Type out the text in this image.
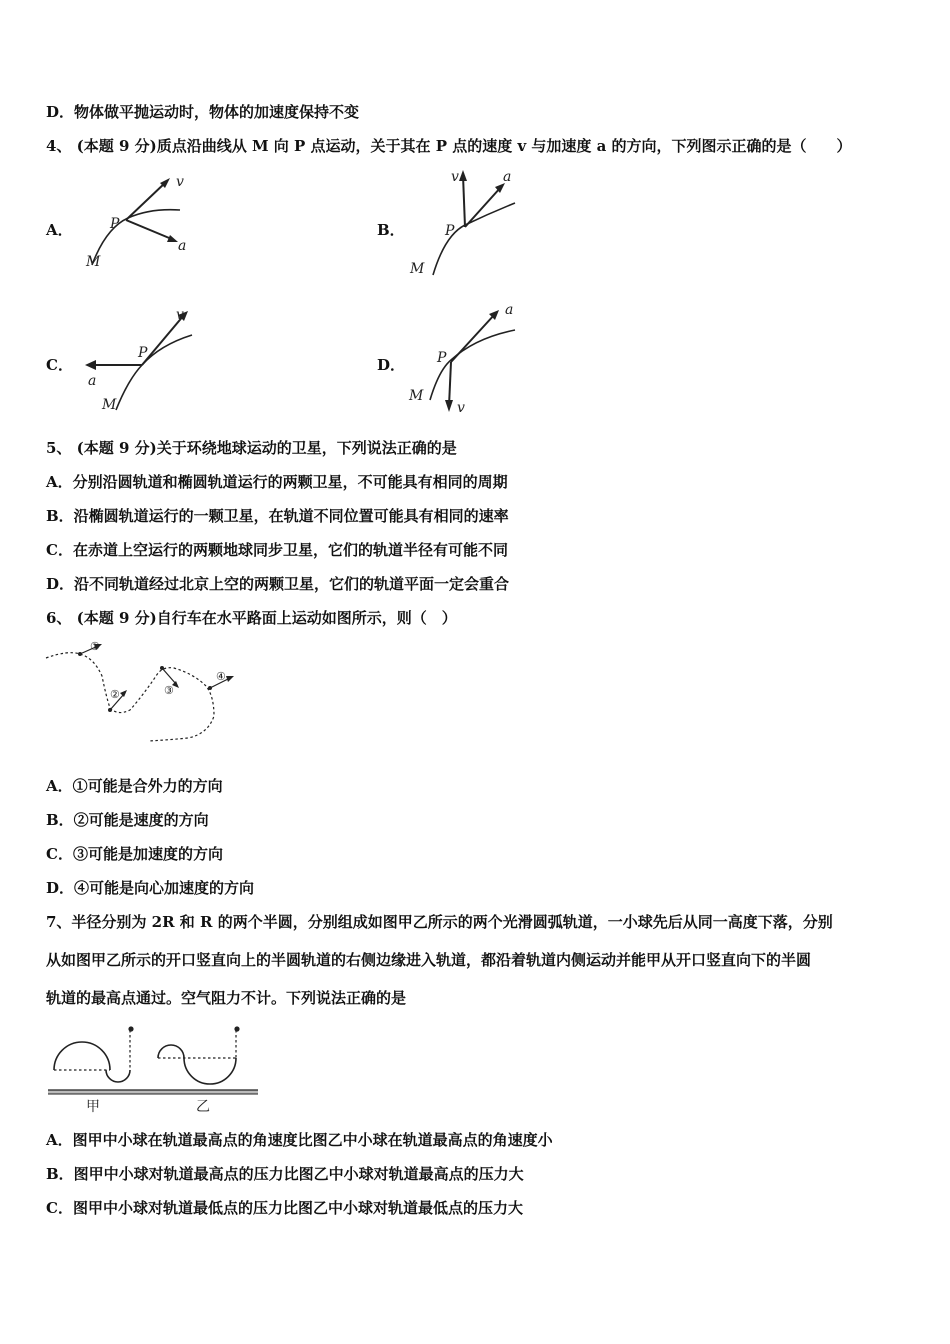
D．物体做平抛运动时，物体的加速度保持不变
4、 (本题 9 分)质点沿曲线从 M 向 P 点运动，关于其在 P 点的速度 v 与加速度 a 的方向，下列图示正确的是（　　）
A．	P
M
v
a
B．	P
M
v	a
C．
P
M
v
a
D． P
M
v
a
5、 (本题 9 分)关于环绕地球运动的卫星，下列说法正确的是
A．分别沿圆轨道和椭圆轨道运行的两颗卫星，不可能具有相同的周期
B．沿椭圆轨道运行的一颗卫星，在轨道不同位置可能具有相同的速率
C．在赤道上空运行的两颗地球同步卫星，它们的轨道半径有可能不同
D．沿不同轨道经过北京上空的两颗卫星，它们的轨道平面一定会重合
6、 (本题 9 分)自行车在水平路面上运动如图所示，则（　）
①
②	③
④
A．①可能是合外力的方向
B．②可能是速度的方向
C．③可能是加速度的方向
D．④可能是向心加速度的方向
7、半径分别为 2R 和 R 的两个半圆，分别组成如图甲乙所示的两个光滑圆弧轨道，一小球先后从同一高度下落，分别
从如图甲乙所示的开口竖直向上的半圆轨道的右侧边缘进入轨道，都沿着轨道内侧运动并能甲从开口竖直向下的半圆
轨道的最高点通过。空气阻力不计。下列说法正确的是
甲	乙
A．图甲中小球在轨道最高点的角速度比图乙中小球在轨道最高点的角速度小
B．图甲中小球对轨道最高点的压力比图乙中小球对轨道最高点的压力大
C．图甲中小球对轨道最低点的压力比图乙中小球对轨道最低点的压力大
